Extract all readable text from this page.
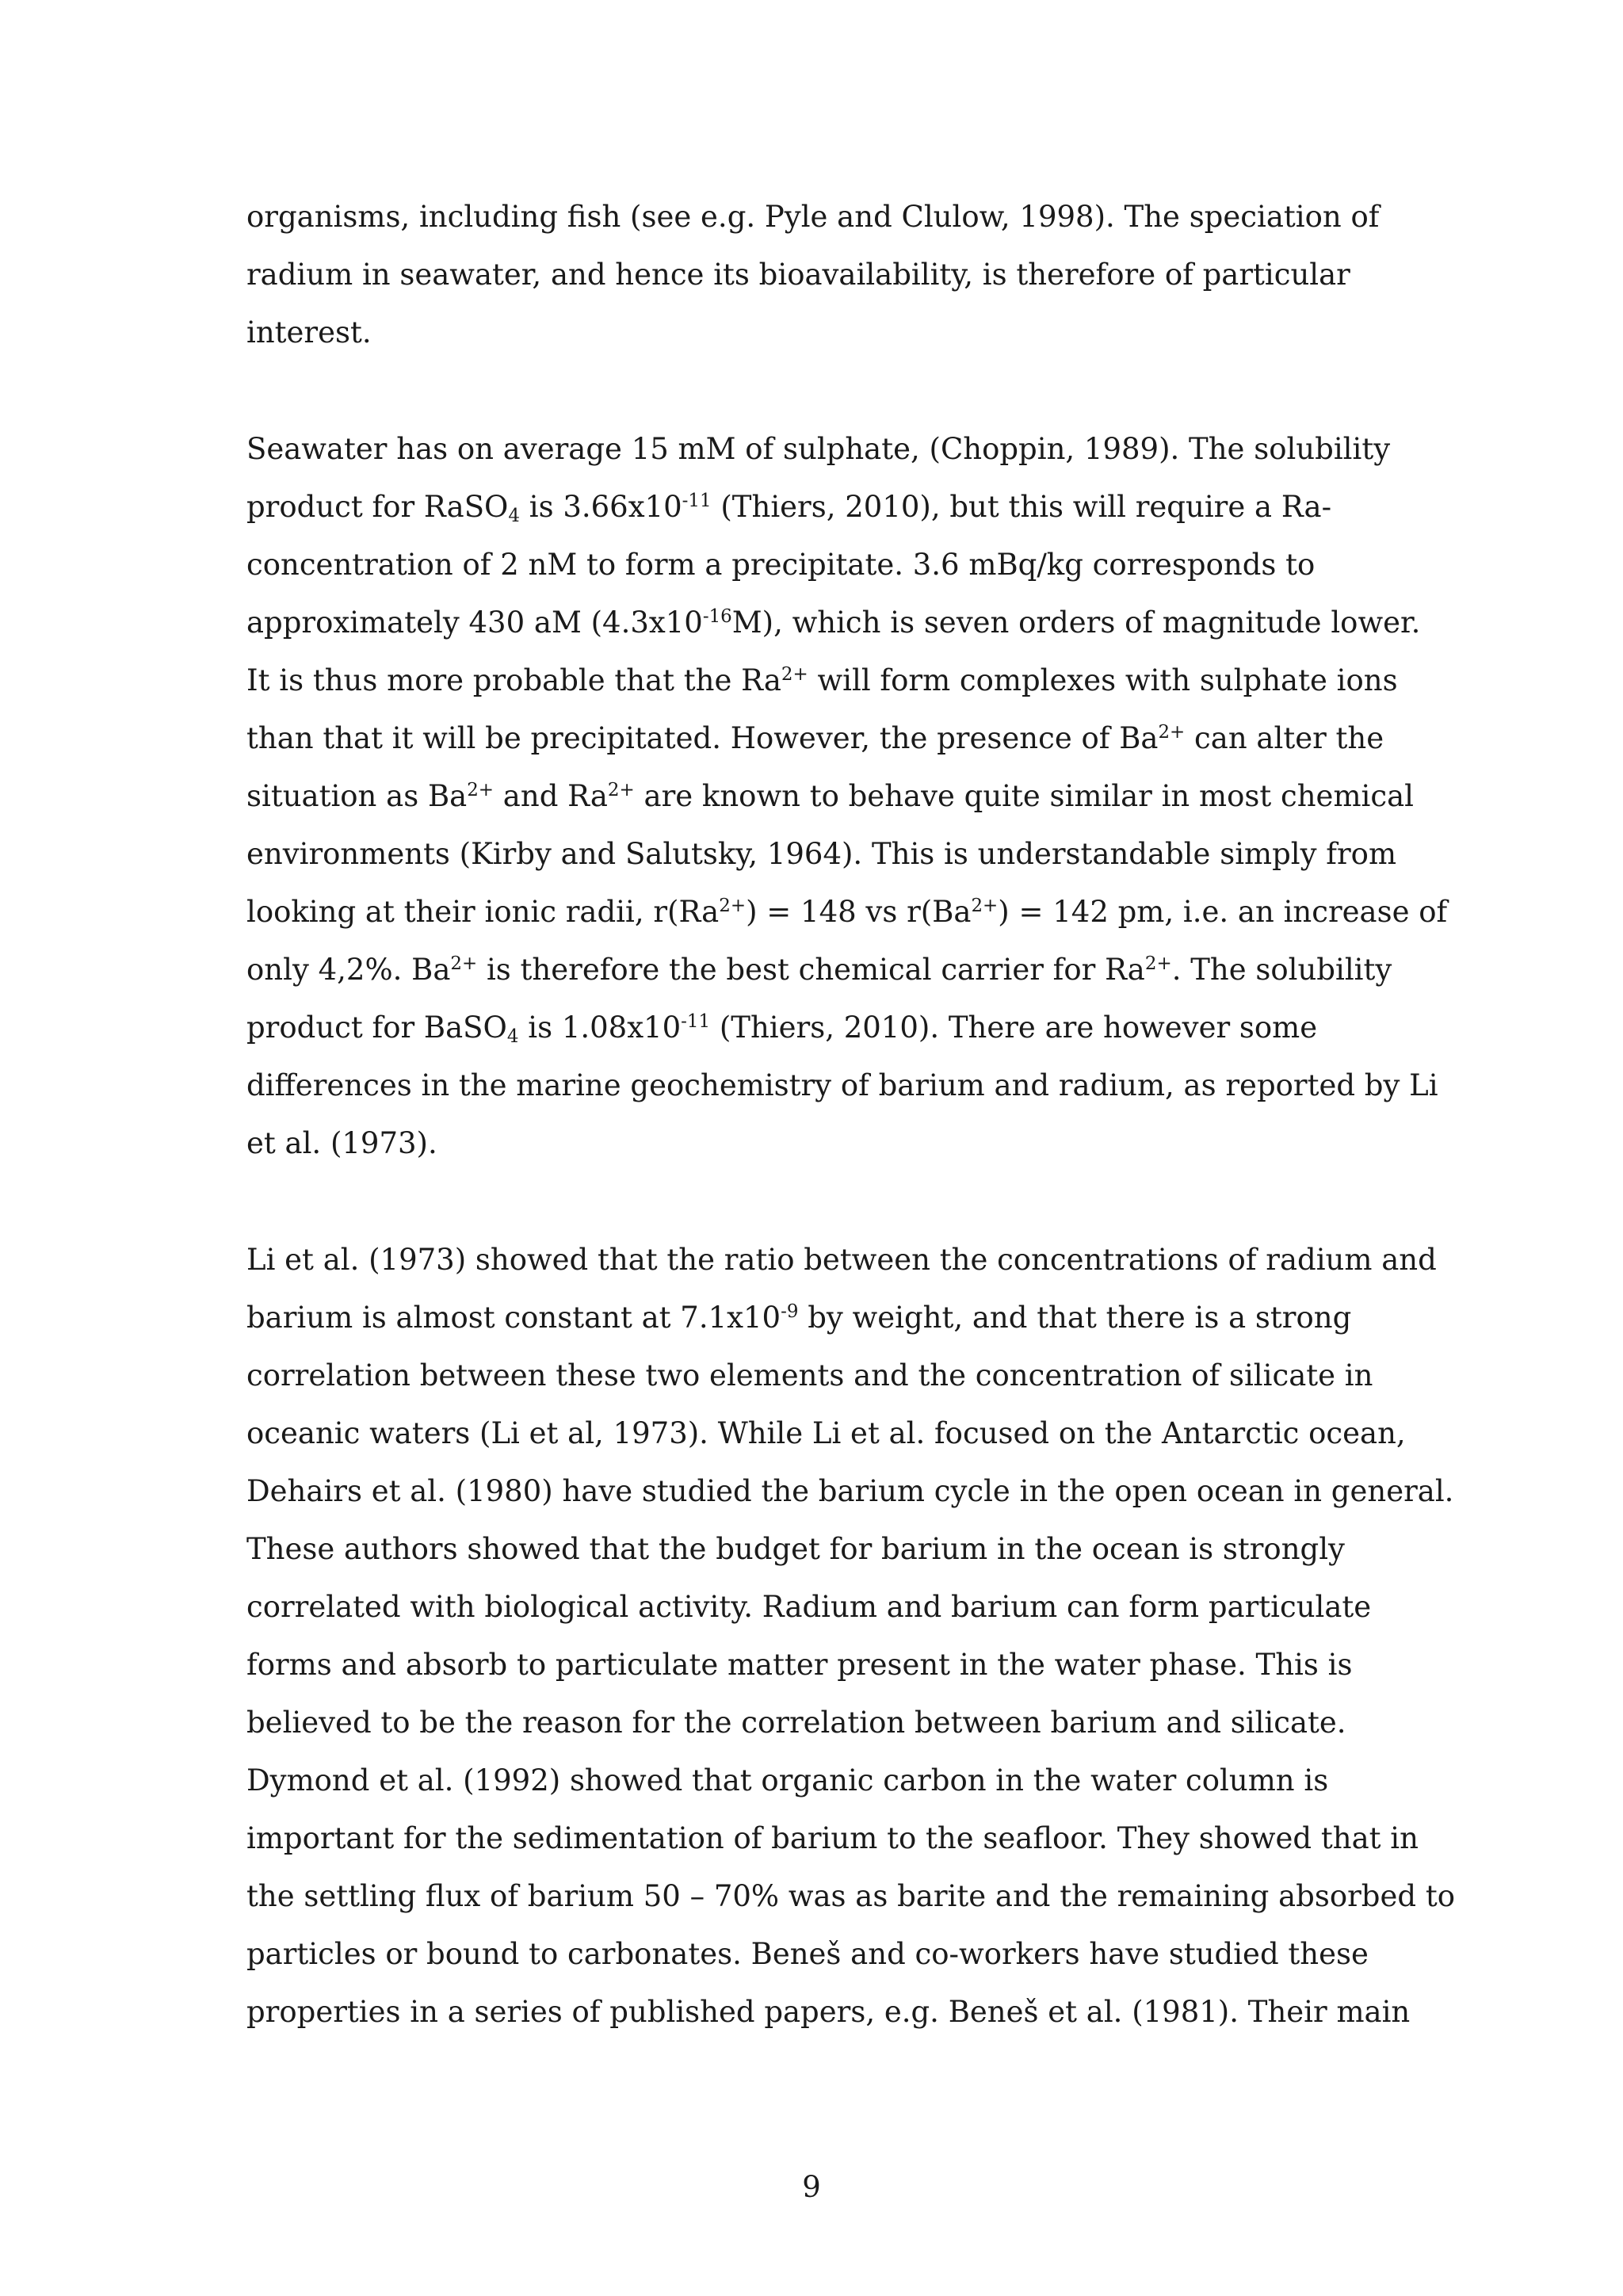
organisms, including fish (see e.g. Pyle and Clulow, 1998). The speciation of
radium in seawater, and hence its bioavailability, is therefore of particular
interest.
Seawater has on average 15 mM of sulphate, (Choppin, 1989). The solubility
product for RaSO4 is $3.66x10^{-11}$ (Thiers, 2010), but this will require a Ra-
concentration of 2 nM to form a precipitate. 3.6 mBq/kg corresponds to
approximately 430 aM $(4.3x10^{-16}M)$, which is seven orders of magnitude lower.
It is thus more probable that the $Ra^{2+}$ will form complexes with sulphate ions
than that it will be precipitated. However, the presence of $Ba^{2+}$ can alter the
situation as $Ba^{2+}$ and $Ra^{2+}$ are known to behave quite similar in most chemical
environments (Kirby and Salutsky, 1964). This is understandable simply from
looking at their ionic radii, $r(Ra^{2+}) = 148$ vs $r(Ba^{2+}) = 142$ pm, i.e. an increase of
only 4,2%. $Ba^{2+}$ is therefore the best chemical carrier for $Ra^{2+}$. The solubility
product for BaSO4 is $1.08x10^{-11}$ (Thiers, 2010). There are however some
differences in the marine geochemistry of barium and radium, as reported by Li
et al. (1973).
Li et al. (1973) showed that the ratio between the concentrations of radium and
barium is almost constant at $7.1x10^{-9}$ by weight, and that there is a strong
correlation between these two elements and the concentration of silicate in
oceanic waters (Li et al, 1973). While Li et al. focused on the Antarctic ocean,
Dehairs et al. (1980) have studied the barium cycle in the open ocean in general.
These authors showed that the budget for barium in the ocean is strongly
correlated with biological activity. Radium and barium can form particulate
forms and absorb to particulate matter present in the water phase. This is
believed to be the reason for the correlation between barium and silicate.
Dymond et al. (1992) showed that organic carbon in the water column is
important for the sedimentation of barium to the seafloor. They showed that in
the settling flux of barium 50 – 70% was as barite and the remaining absorbed to
particles or bound to carbonates. Beneš and co-workers have studied these
properties in a series of published papers, e.g. Beneš et al. (1981). Their main
9
